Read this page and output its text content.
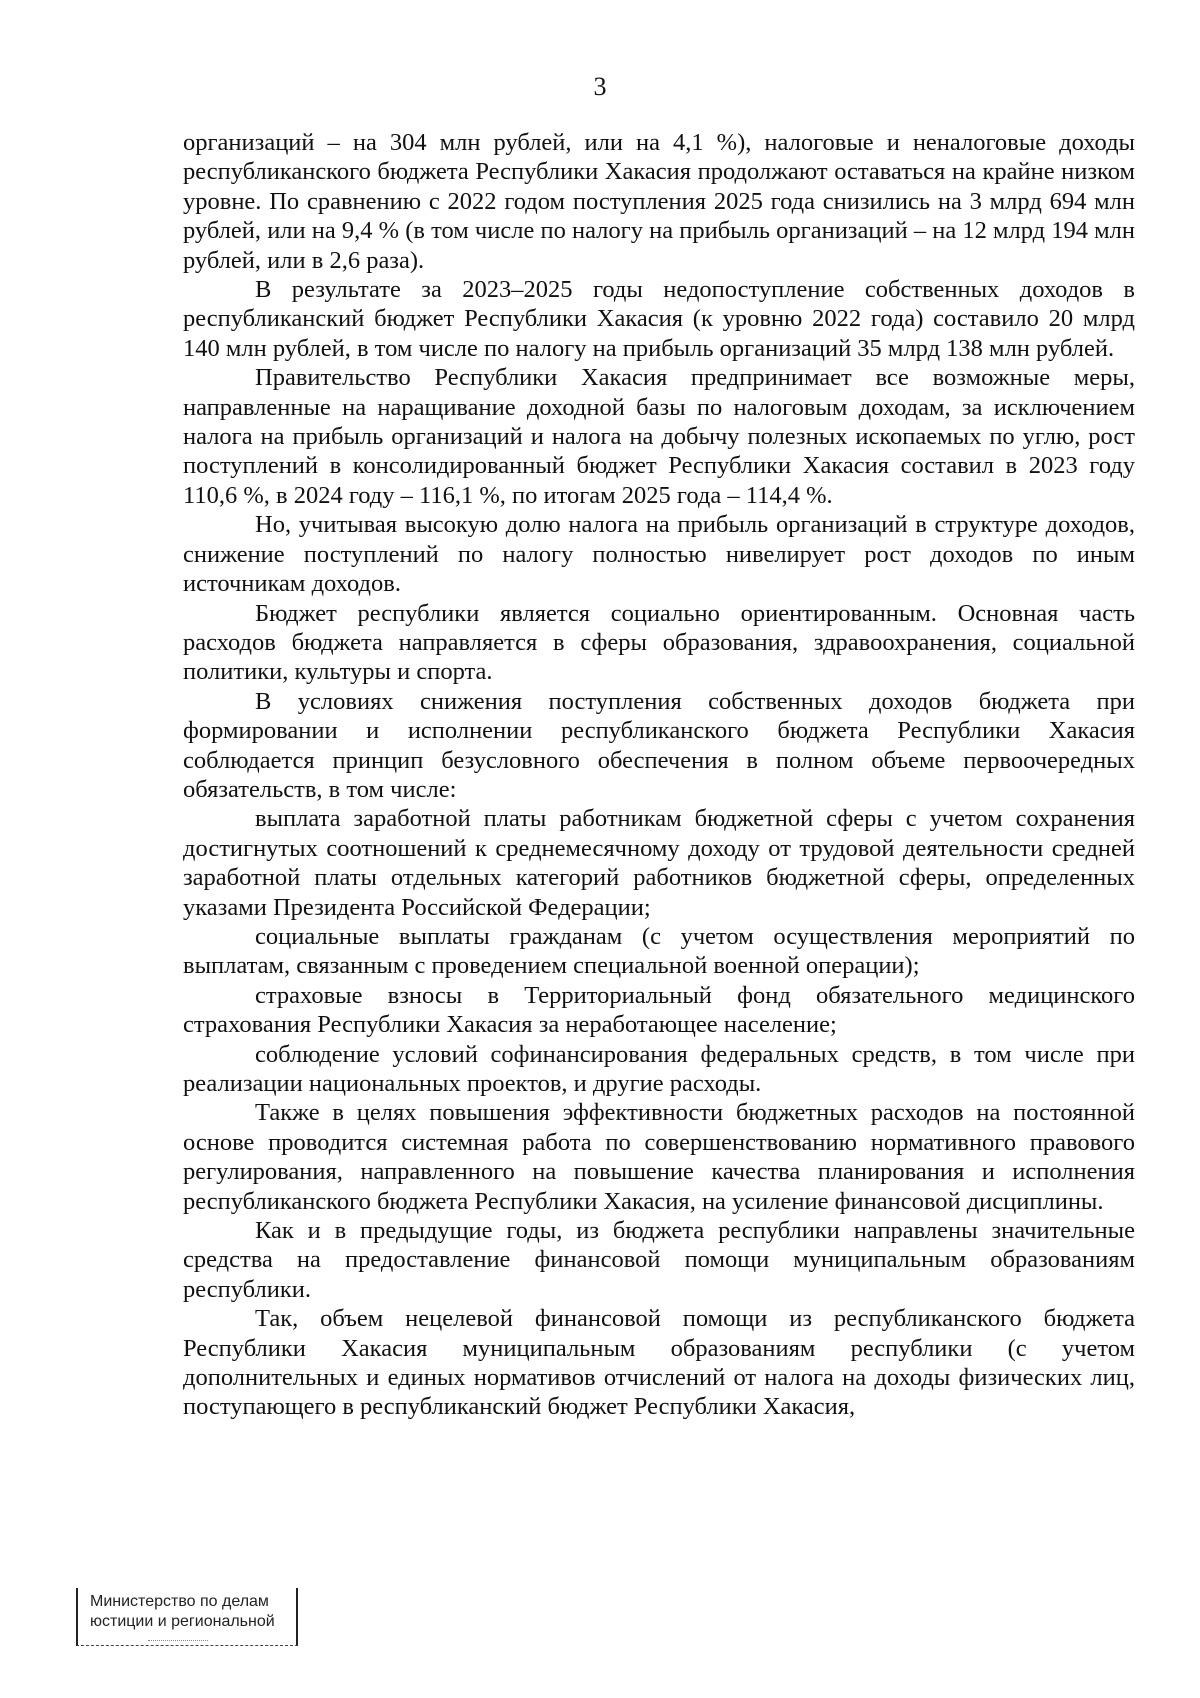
3

организаций – на 304 млн рублей, или на 4,1 %), налоговые и неналоговые доходы республиканского бюджета Республики Хакасия продолжают оставаться на крайне низком уровне. По сравнению с 2022 годом поступления 2025 года снизились на 3 млрд 694 млн рублей, или на 9,4 % (в том числе по налогу на прибыль организаций – на 12 млрд 194 млн рублей, или в 2,6 раза).

В результате за 2023–2025 годы недопоступление собственных доходов в республиканский бюджет Республики Хакасия (к уровню 2022 года) составило 20 млрд 140 млн рублей, в том числе по налогу на прибыль организаций 35 млрд 138 млн рублей.

Правительство Республики Хакасия предпринимает все возможные меры, направленные на наращивание доходной базы по налоговым доходам, за исключением налога на прибыль организаций и налога на добычу полезных ископаемых по углю, рост поступлений в консолидированный бюджет Республики Хакасия составил в 2023 году 110,6 %, в 2024 году – 116,1 %, по итогам 2025 года – 114,4 %.

Но, учитывая высокую долю налога на прибыль организаций в структуре доходов, снижение поступлений по налогу полностью нивелирует рост доходов по иным источникам доходов.

Бюджет республики является социально ориентированным. Основная часть расходов бюджета направляется в сферы образования, здравоохранения, социальной политики, культуры и спорта.

В условиях снижения поступления собственных доходов бюджета при формировании и исполнении республиканского бюджета Республики Хакасия соблюдается принцип безусловного обеспечения в полном объеме первоочередных обязательств, в том числе:

выплата заработной платы работникам бюджетной сферы с учетом сохранения достигнутых соотношений к среднемесячному доходу от трудовой деятельности средней заработной платы отдельных категорий работников бюджетной сферы, определенных указами Президента Российской Федерации;

социальные выплаты гражданам (с учетом осуществления мероприятий по выплатам, связанным с проведением специальной военной операции);

страховые взносы в Территориальный фонд обязательного медицинского страхования Республики Хакасия за неработающее население;

соблюдение условий софинансирования федеральных средств, в том числе при реализации национальных проектов, и другие расходы.

Также в целях повышения эффективности бюджетных расходов на постоянной основе проводится системная работа по совершенствованию нормативного правового регулирования, направленного на повышение качества планирования и исполнения республиканского бюджета Республики Хакасия, на усиление финансовой дисциплины.

Как и в предыдущие годы, из бюджета республики направлены значительные средства на предоставление финансовой помощи муниципальным образованиям республики.

Так, объем нецелевой финансовой помощи из республиканского бюджета Республики Хакасия муниципальным образованиям республики (с учетом дополнительных и единых нормативов отчислений от налога на доходы физических лиц, поступающего в республиканский бюджет Республики Хакасия,

Министерство по делам
юстиции и региональной
